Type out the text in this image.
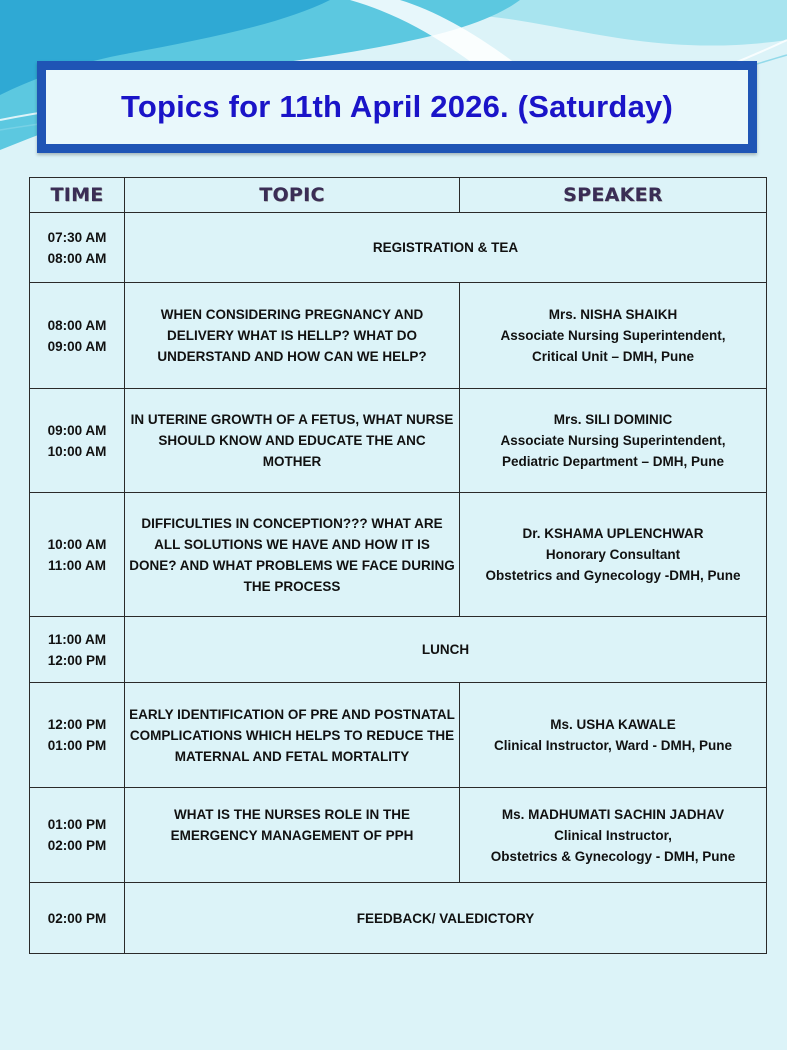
Topics for 11th April 2026. (Saturday)
TIME	TOPIC	SPEAKER
07:30 AM
08:00 AM	REGISTRATION & TEA	
08:00 AM
09:00 AM	WHEN CONSIDERING PREGNANCY AND DELIVERY WHAT IS HELLP? WHAT DO UNDERSTAND AND HOW CAN WE HELP?	Mrs. NISHA SHAIKH
Associate Nursing Superintendent,
Critical Unit – DMH, Pune
09:00 AM
10:00 AM	IN UTERINE GROWTH OF A FETUS, WHAT NURSE SHOULD KNOW AND EDUCATE THE ANC MOTHER	Mrs. SILI DOMINIC
Associate Nursing Superintendent,
Pediatric Department – DMH, Pune
10:00 AM
11:00 AM	DIFFICULTIES IN CONCEPTION??? WHAT ARE ALL SOLUTIONS WE HAVE AND HOW IT IS DONE? AND WHAT PROBLEMS WE FACE DURING THE PROCESS	Dr. KSHAMA UPLENCHWAR
Honorary Consultant
Obstetrics and Gynecology -DMH, Pune
11:00 AM
12:00 PM	LUNCH	
12:00 PM
01:00 PM	EARLY IDENTIFICATION OF PRE AND POSTNATAL COMPLICATIONS WHICH HELPS TO REDUCE THE MATERNAL AND FETAL MORTALITY	Ms. USHA KAWALE
Clinical Instructor, Ward - DMH, Pune
01:00 PM
02:00 PM	WHAT IS THE NURSES ROLE IN THE EMERGENCY MANAGEMENT OF PPH	Ms. MADHUMATI SACHIN JADHAV
Clinical Instructor,
Obstetrics & Gynecology - DMH, Pune
02:00 PM	FEEDBACK/ VALEDICTORY	
